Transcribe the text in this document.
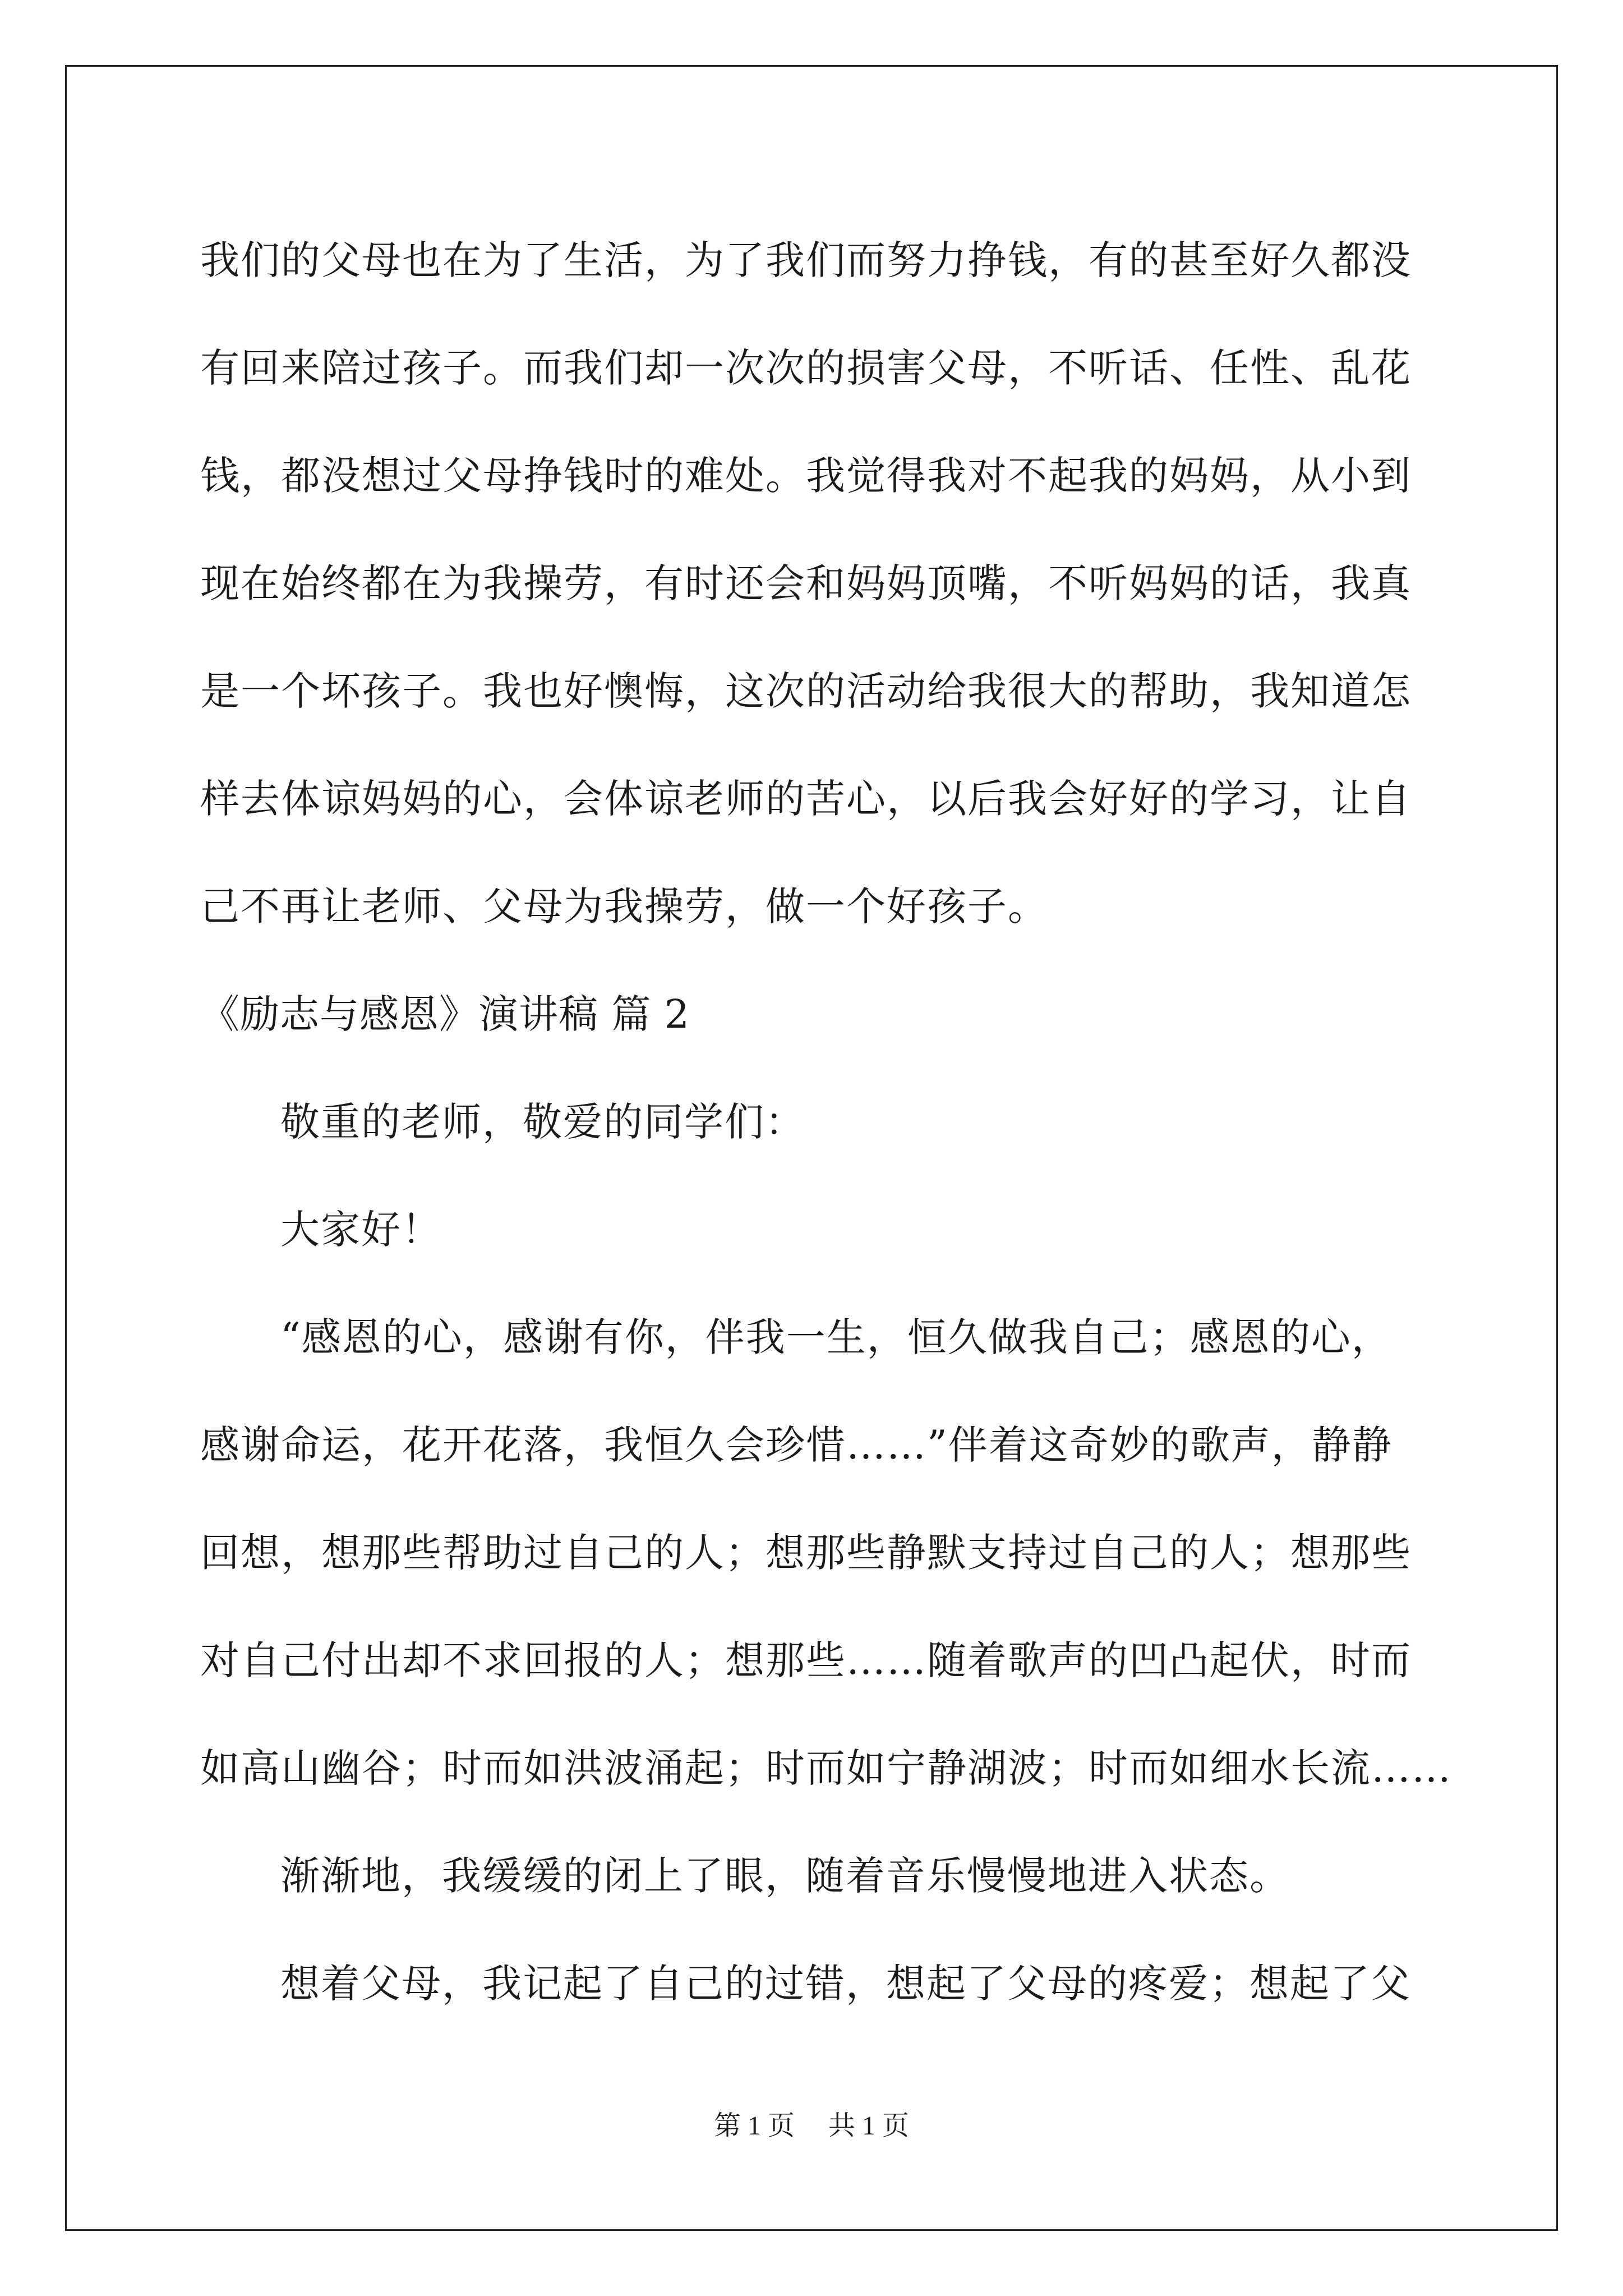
我们的父母也在为了生活，为了我们而努力挣钱，有的甚至好久都没
有回来陪过孩子。而我们却一次次的损害父母，不听话、任性、乱花
钱，都没想过父母挣钱时的难处。我觉得我对不起我的妈妈，从小到
现在始终都在为我操劳，有时还会和妈妈顶嘴，不听妈妈的话，我真
是一个坏孩子。我也好懊悔，这次的活动给我很大的帮助，我知道怎
样去体谅妈妈的心，会体谅老师的苦心，以后我会好好的学习，让自
己不再让老师、父母为我操劳，做一个好孩子。
《励志与感恩》演讲稿 篇 2
敬重的老师，敬爱的同学们：
大家好！
“感恩的心，感谢有你，伴我一生，恒久做我自己；感恩的心，
感谢命运，花开花落，我恒久会珍惜……”伴着这奇妙的歌声，静静
回想，想那些帮助过自己的人；想那些静默支持过自己的人；想那些
对自己付出却不求回报的人；想那些……随着歌声的凹凸起伏，时而
如高山幽谷；时而如洪波涌起；时而如宁静湖波；时而如细水长流……
渐渐地，我缓缓的闭上了眼，随着音乐慢慢地进入状态。
想着父母，我记起了自己的过错，想起了父母的疼爱；想起了父
第 1 页 共 1 页
